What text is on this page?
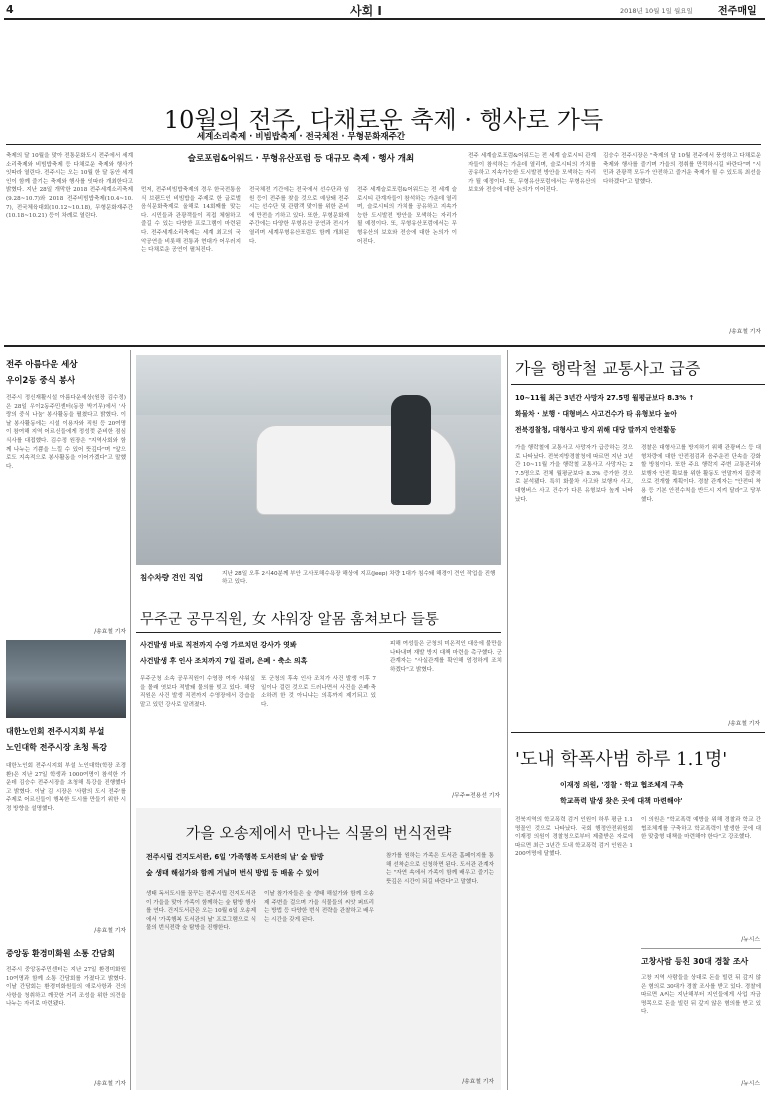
4	사회 I	2018년 10월 1일 월요일	전주매일
10월의 전주, 다채로운 축제 · 행사로 가득
축제의 달 10월을 맞아 전통문화도시 전주에서 세계소리축제와 비빔밥축제 등 다채로운 축제와 행사가 잇따라 열린다. 전주시는 오는 10월 한 달 동안 세계인이 함께 즐기는 축제와 행사를 잇따라 개최한다고 밝혔다. 지난 28일 개막한 2018 전주세계소리축제(9.28~10.7)와 2018 전주비빔밥축제(10.4~10.7), 전국체육대회(10.12~10.18), 무형문화재주간(10.18~10.21) 등이 차례로 열린다.
세계소리축제 · 비빔밥축제 · 전국체전 · 무형문화재주간
슬로포럼&어워드 · 무형유산포럼 등 대규모 축제 · 행사 개최
먼저, 전주비빔밥축제의 경우 한국전통음식 브랜드인 비빔밥을 주제로 한 글로벌 음식문화축제로 올해로 14회째를 맞는다. 시민들과 관광객들이 직접 체험하고 즐길 수 있는 다양한 프로그램이 마련된다. 전주세계소리축제는 세계 최고의 국악공연을 비롯해 전통과 현대가 어우러지는 다채로운 공연이 펼쳐진다.
전국체전 기간에는 전국에서 선수단과 임원 등이 전주를 찾을 것으로 예상돼 전주시는 선수단 및 관람객 맞이를 위한 준비에 만전을 기하고 있다. 또한, 무형문화재주간에는 다양한 무형유산 공연과 전시가 열리며 세계무형유산포럼도 함께 개최된다.
전주 세계슬로포럼&어워드는 전 세계 슬로시티 관계자들이 참석하는 가운데 열리며, 슬로시티의 가치를 공유하고 지속가능한 도시발전 방안을 모색하는 자리가 될 예정이다. 또, 무형유산포럼에서는 무형유산의 보호와 전승에 대한 논의가 이어진다.
전주 세계슬로포럼&어워드는 전 세계 슬로시티 관계자들이 참석하는 가운데 열리며, 슬로시티의 가치를 공유하고 지속가능한 도시발전 방안을 모색하는 자리가 될 예정이다. 또, 무형유산포럼에서는 무형유산의 보호와 전승에 대한 논의가 이어진다.
김승수 전주시장은 "축제의 달 10월 전주에서 풍성하고 다채로운 축제와 행사를 즐기며 가을의 정취를 만끽하시길 바란다"며 "시민과 관광객 모두가 안전하고 즐거운 축제가 될 수 있도록 최선을 다하겠다"고 말했다.
/송효철 기자
전주 아름다운 세상
우이2동 중식 봉사
전주시 정신재활시설 아름다운세상(원장 김수정)은 28일 우이2동주민센터(동장 박기무)에서 '사랑의 중식 나눔' 봉사활동을 펼쳤다고 밝혔다. 이날 봉사활동에는 시설 이용자와 직원 등 20여명이 참여해 지역 어르신들에게 정성껏 준비한 점심식사를 대접했다. 김수정 원장은 "지역사회와 함께 나누는 기쁨을 느낄 수 있어 뜻깊다"며 "앞으로도 지속적으로 봉사활동을 이어가겠다"고 말했다.
/송효철 기자
대한노인회 전주시지회 부설
노인대학 전주시장 초청 특강
대한노인회 전주시지회 부설 노인대학(학장 조경환)은 지난 27일 학생과 1000여명이 참석한 가운데 김승수 전주시장을 초청해 특강을 진행했다고 밝혔다. 이날 김 시장은 '사람의 도시 전주'를 주제로 어르신들이 행복한 도시를 만들기 위한 시정 방향을 설명했다.
/송효철 기자
중앙동 환경미화원 소통 간담회
전주시 중앙동주민센터는 지난 27일 환경미화원 10여명과 함께 소통 간담회를 가졌다고 밝혔다. 이날 간담회는 환경미화원들의 애로사항과 건의사항을 청취하고 깨끗한 거리 조성을 위한 의견을 나누는 자리로 마련됐다.
/송효철 기자
침수차량 견인 직업	지난 28일 오후 2시40분께 부안 고사포해수욕장 해상에 지프(Jeep) 차량 1대가 침수돼 해경이 견인 작업을 진행하고 있다.
무주군 공무직원, 女 샤워장 알몸 훔쳐보다 들통
사건발생 바로 직전까지 수영 가르치던 강사가 엿봐
사건발생 후 인사 조치까지 7일 걸려, 은폐 · 축소 의혹
무주군청 소속 공무직원이 수영장 여자 샤워실을 몰래 엿보다 적발돼 물의를 빚고 있다. 해당 직원은 사건 발생 직전까지 수영장에서 강습을 맡고 있던 강사로 알려졌다.
또 군청의 후속 인사 조치가 사건 발생 이후 7일이나 걸린 것으로 드러나면서 사건을 은폐·축소하려 한 것 아니냐는 의혹까지 제기되고 있다.
피해 여성들은 군청의 미온적인 대응에 불만을 나타내며 재발 방지 대책 마련을 촉구했다. 군 관계자는 "사실관계를 확인해 엄정하게 조치하겠다"고 밝혔다.
/무주=전용선 기자
가을 오송제에서 만나는 식물의 번식전략
전주시립 건지도서관, 6일 '가족행복 도서관의 날' 숲 탐방
숲 생태 해설가와 함께 거닐며 번식 방법 등 배울 수 있어
생태 독서도시를 꿈꾸는 전주시립 건지도서관이 가을을 맞아 가족이 함께하는 숲 탐방 행사를 연다. 건지도서관은 오는 10월 6일 오송제에서 '가족행복 도서관의 날' 프로그램으로 식물의 번식전략 숲 탐방을 진행한다.
이날 참가자들은 숲 생태 해설가와 함께 오송제 주변을 걸으며 가을 식물들의 씨앗 퍼뜨리는 방법 등 다양한 번식 전략을 관찰하고 배우는 시간을 갖게 된다.
참가를 원하는 가족은 도서관 홈페이지를 통해 선착순으로 신청하면 된다. 도서관 관계자는 "자연 속에서 가족이 함께 배우고 즐기는 뜻깊은 시간이 되길 바란다"고 말했다.
/송효철 기자
가을 행락철 교통사고 급증
10~11월 최근 3년간 사망자 27.5명 월평균보다 8.3% ↑
화물차 · 보행 · 대형버스 사고건수가 타 유형보다 높아
전북경찰청, 대형사고 방지 위해 대당 말까지 안전활동
가을 행락철에 교통사고 사망자가 급증하는 것으로 나타났다. 전북지방경찰청에 따르면 지난 3년간 10~11월 가을 행락철 교통사고 사망자는 27.5명으로 전체 월평균보다 8.3% 증가한 것으로 분석됐다. 특히 화물차 사고와 보행자 사고, 대형버스 사고 건수가 다른 유형보다 높게 나타났다.
경찰은 대형사고를 방지하기 위해 관광버스 등 대형차량에 대한 안전점검과 음주운전 단속을 강화할 방침이다. 또한 주요 행락지 주변 교통관리와 보행자 안전 확보를 위한 활동도 연말까지 집중적으로 전개할 계획이다. 경찰 관계자는 "안전띠 착용 등 기본 안전수칙을 반드시 지켜 달라"고 당부했다.
/송효철 기자
'도내 학폭사범 하루 1.1명'
이재정 의원, '경찰 · 학교 협조체계 구축
학교폭력 발생 찾은 곳에 대책 마련해야'
전북지역의 학교폭력 검거 인원이 하루 평균 1.1명꼴인 것으로 나타났다. 국회 행정안전위원회 이재정 의원이 경찰청으로부터 제출받은 자료에 따르면 최근 3년간 도내 학교폭력 검거 인원은 1200여명에 달했다.
이 의원은 "학교폭력 예방을 위해 경찰과 학교 간 협조체계를 구축하고 학교폭력이 발생한 곳에 대한 맞춤형 대책을 마련해야 한다"고 강조했다.
/뉴시스
고창사람 등친 30대 경찰 조사
고창 지역 사람들을 상대로 돈을 빌린 뒤 갚지 않은 혐의로 30대가 경찰 조사를 받고 있다. 경찰에 따르면 A씨는 지난해부터 지인들에게 사업 자금 명목으로 돈을 빌린 뒤 갚지 않은 혐의를 받고 있다.
/뉴시스
